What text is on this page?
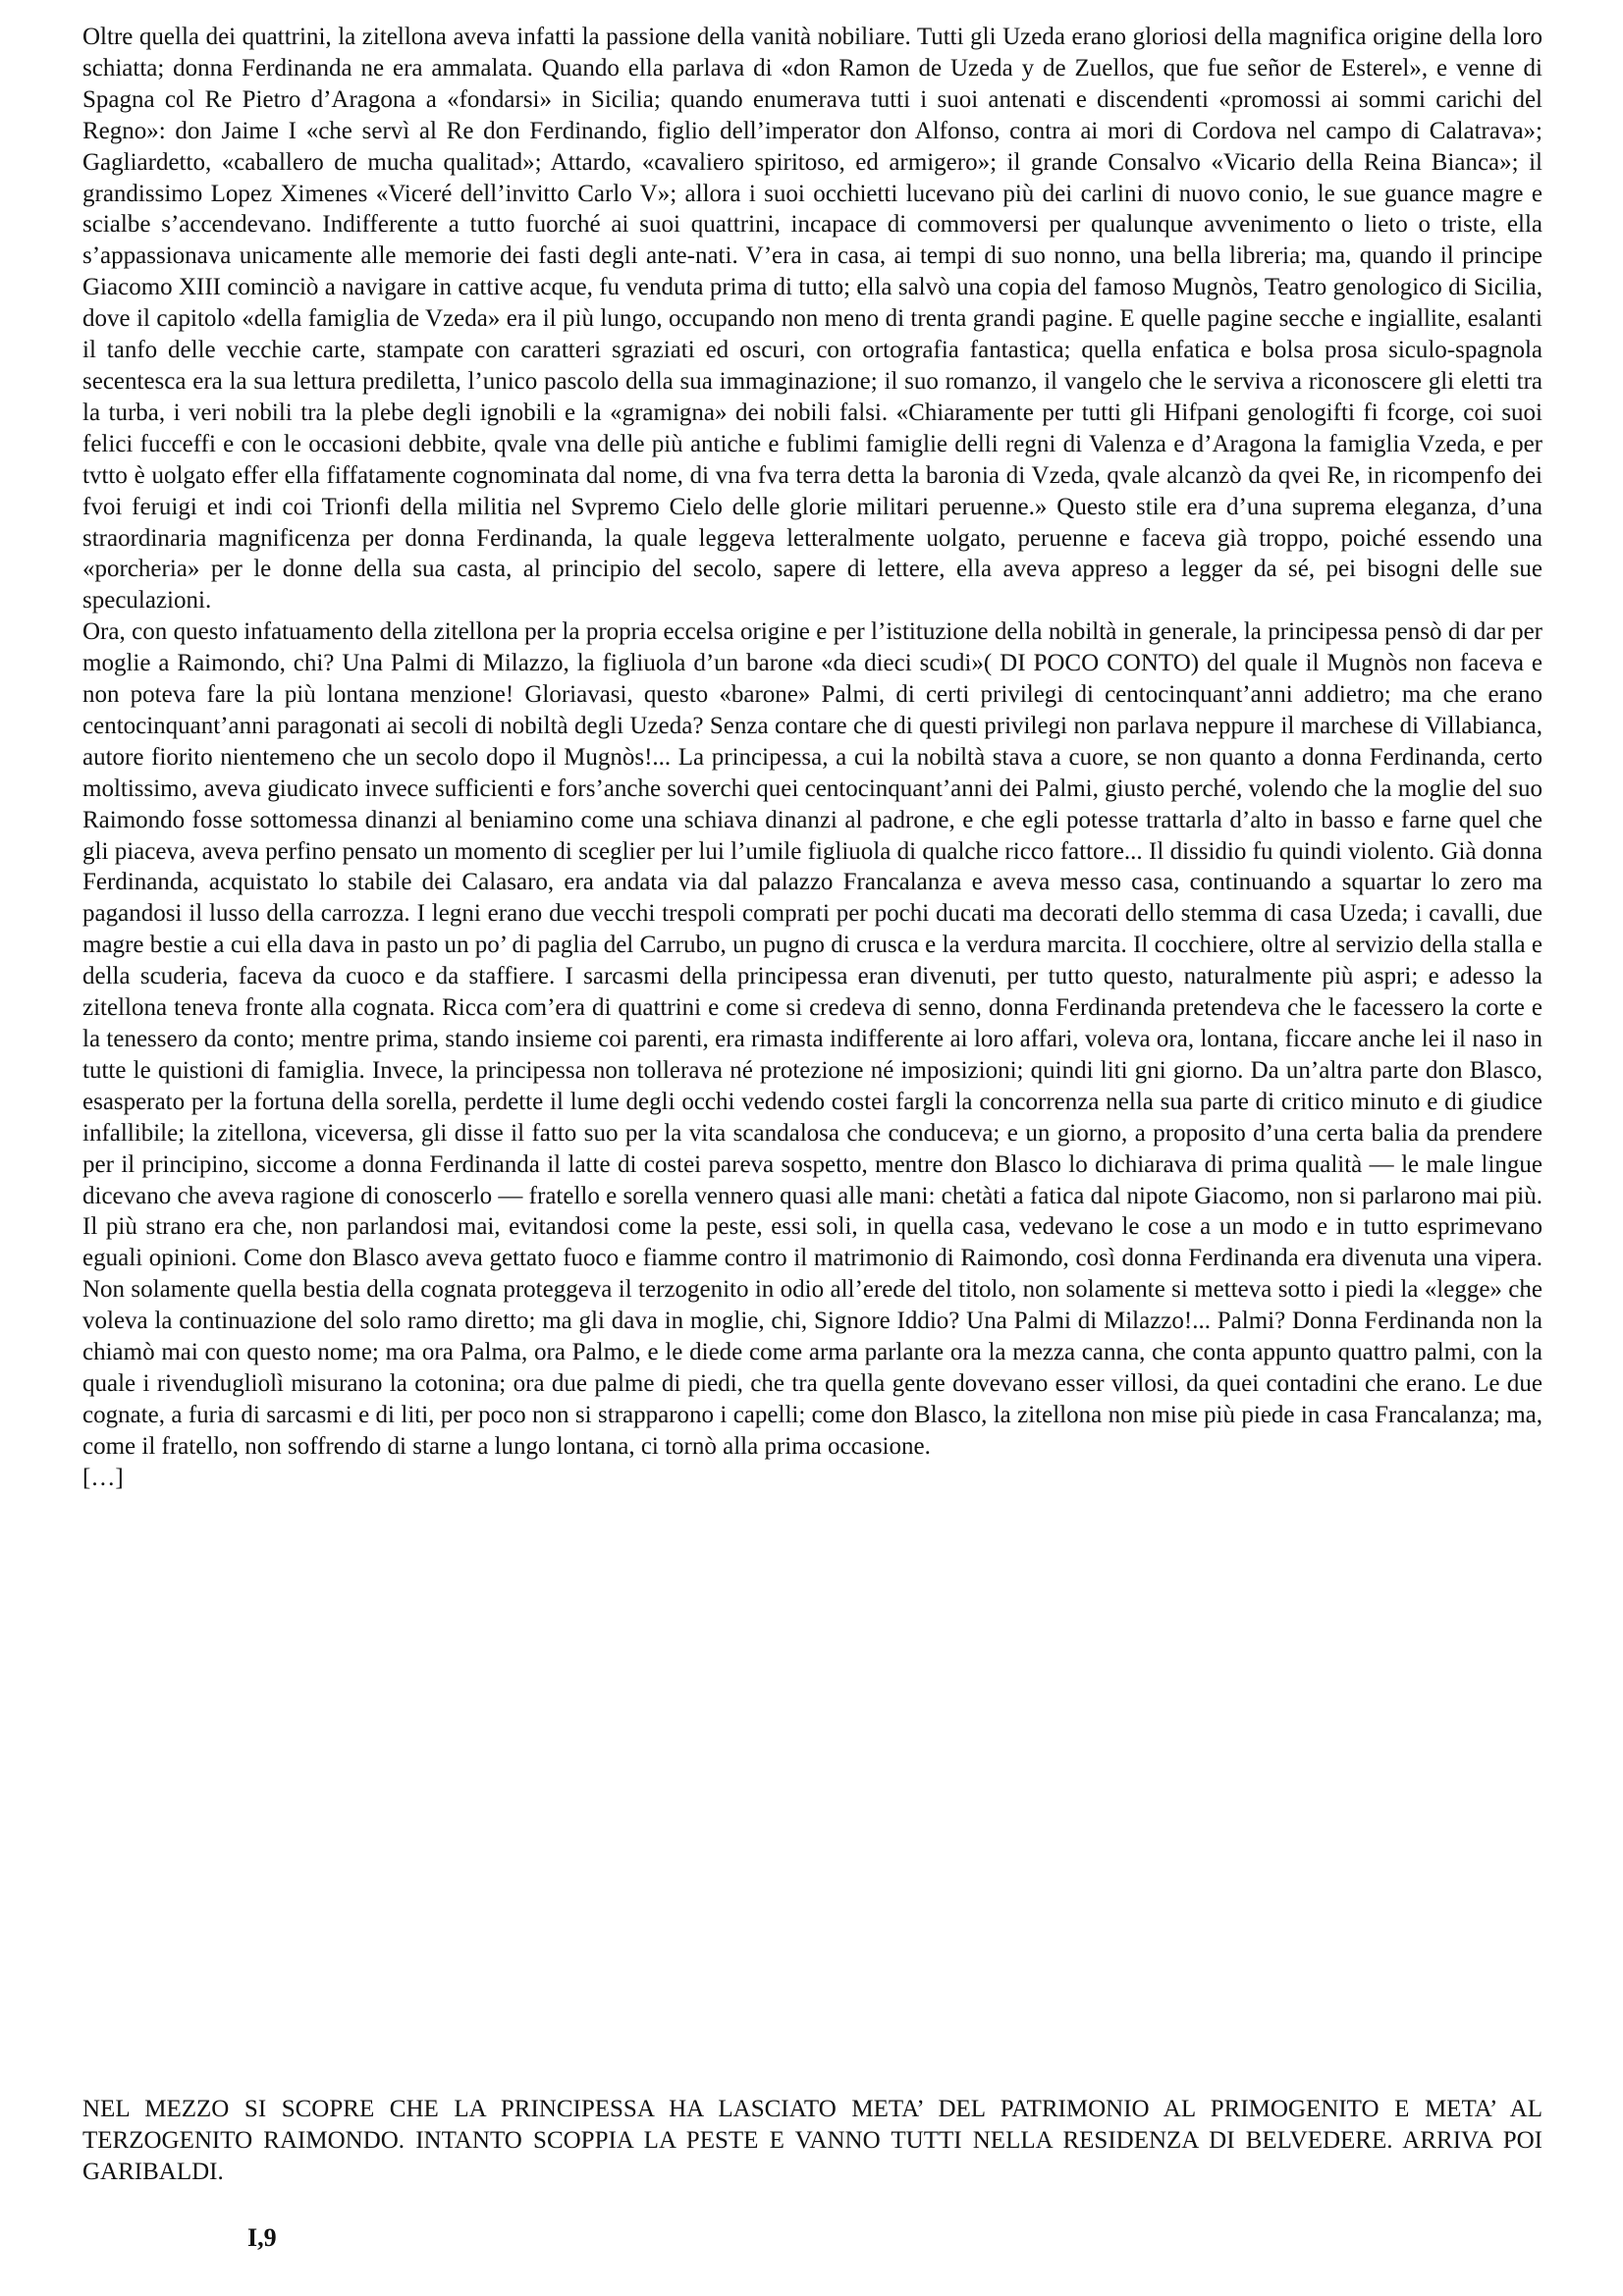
Oltre quella dei quattrini, la zitellona aveva infatti la passione della vanità nobiliare. Tutti gli Uzeda erano gloriosi della magnifica origine della loro schiatta; donna Ferdinanda ne era ammalata. Quando ella parlava di «don Ramon de Uzeda y de Zuellos, que fue señor de Esterel», e venne di Spagna col Re Pietro d’Aragona a «fondarsi» in Sicilia; quando enumerava tutti i suoi antenati e discendenti «promossi ai sommi carichi del Regno»: don Jaime I «che servì al Re don Ferdinando, figlio dell’imperator don Alfonso, contra ai mori di Cordova nel campo di Calatrava»; Gagliardetto, «caballero de mucha qualitad»; Attardo, «cavaliero spiritoso, ed armigero»; il grande Consalvo «Vicario della Reina Bianca»; il grandissimo Lopez Ximenes «Viceré dell’invitto Carlo V»; allora i suoi occhietti lucevano più dei carlini di nuovo conio, le sue guance magre e scialbe s’accendevano. Indifferente a tutto fuorché ai suoi quattrini, incapace di commoversi per qualunque avvenimento o lieto o triste, ella s’appassionava unicamente alle memorie dei fasti degli ante-nati. V’era in casa, ai tempi di suo nonno, una bella libreria; ma, quando il principe Giacomo XIII cominciò a navigare in cattive acque, fu venduta prima di tutto; ella salvò una copia del famoso Mugnòs, Teatro genologico di Sicilia, dove il capitolo «della famiglia de Vzeda» era il più lungo, occupando non meno di trenta grandi pagine. E quelle pagine secche e ingiallite, esalanti il tanfo delle vecchie carte, stampate con caratteri sgraziati ed oscuri, con ortografia fantastica; quella enfatica e bolsa prosa siculo-spagnola secentesca era la sua lettura prediletta, l’unico pascolo della sua immaginazione; il suo romanzo, il vangelo che le serviva a riconoscere gli eletti tra la turba, i veri nobili tra la plebe degli ignobili e la «gramigna» dei nobili falsi. «Chiaramente per tutti gli Hifpani genologifti fi fcorge, coi suoi felici fucceffi e con le occasioni debbite, qvale vna delle più antiche e fublimi famiglie delli regni di Valenza e d’Aragona la famiglia Vzeda, e per tvtto è uolgato effer ella fiffatamente cognominata dal nome, di vna fva terra detta la baronia di Vzeda, qvale alcanzò da qvei Re, in ricompenfo dei fvoi feruigi et indi coi Trionfi della militia nel Svpremo Cielo delle glorie militari peruenne.» Questo stile era d’una suprema eleganza, d’una straordinaria magnificenza per donna Ferdinanda, la quale leggeva letteralmente uolgato, peruenne e faceva già troppo, poiché essendo una «porcheria» per le donne della sua casta, al principio del secolo, sapere di lettere, ella aveva appreso a legger da sé, pei bisogni delle sue speculazioni.

Ora, con questo infatuamento della zitellona per la propria eccelsa origine e per l’istituzione della nobiltà in generale, la principessa pensò di dar per moglie a Raimondo, chi? Una Palmi di Milazzo, la figliuola d’un barone «da dieci scudi»( DI POCO CONTO) del quale il Mugnòs non faceva e non poteva fare la più lontana menzione! Gloriavasi, questo «barone» Palmi, di certi privilegi di centocinquant’anni addietro; ma che erano centocinquant’anni paragonati ai secoli di nobiltà degli Uzeda? Senza contare che di questi privilegi non parlava neppure il marchese di Villabianca, autore fiorito nientemeno che un secolo dopo il Mugnòs!... La principessa, a cui la nobiltà stava a cuore, se non quanto a donna Ferdinanda, certo moltissimo, aveva giudicato invece sufficienti e fors’anche soverchi quei centocinquant’anni dei Palmi, giusto perché, volendo che la moglie del suo Raimondo fosse sottomessa dinanzi al beniamino come una schiava dinanzi al padrone, e che egli potesse trattarla d’alto in basso e farne quel che gli piaceva, aveva perfino pensato un momento di sceglier per lui l’umile figliuola di qualche ricco fattore... Il dissidio fu quindi violento. Già donna Ferdinanda, acquistato lo stabile dei Calasaro, era andata via dal palazzo Francalanza e aveva messo casa, continuando a squartar lo zero ma pagandosi il lusso della carrozza. I legni erano due vecchi trespoli comprati per pochi ducati ma decorati dello stemma di casa Uzeda; i cavalli, due magre bestie a cui ella dava in pasto un po’ di paglia del Carrubo, un pugno di crusca e la verdura marcita. Il cocchiere, oltre al servizio della stalla e della scuderia, faceva da cuoco e da staffiere. I sarcasmi della principessa eran divenuti, per tutto questo, naturalmente più aspri; e adesso la zitellona teneva fronte alla cognata. Ricca com’era di quattrini e come si credeva di senno, donna Ferdinanda pretendeva che le facessero la corte e la tenessero da conto; mentre prima, stando insieme coi parenti, era rimasta indifferente ai loro affari, voleva ora, lontana, ficcare anche lei il naso in tutte le quistioni di famiglia. Invece, la principessa non tollerava né protezione né imposizioni; quindi liti gni giorno. Da un’altra parte don Blasco, esasperato per la fortuna della sorella, perdette il lume degli occhi vedendo costei fargli la concorrenza nella sua parte di critico minuto e di giudice infallibile; la zitellona, viceversa, gli disse il fatto suo per la vita scandalosa che conduceva; e un giorno, a proposito d’una certa balia da prendere per il principino, siccome a donna Ferdinanda il latte di costei pareva sospetto, mentre don Blasco lo dichiarava di prima qualità — le male lingue dicevano che aveva ragione di conoscerlo — fratello e sorella vennero quasi alle mani: chetàti a fatica dal nipote Giacomo, non si parlarono mai più. Il più strano era che, non parlandosi mai, evitandosi come la peste, essi soli, in quella casa, vedevano le cose a un modo e in tutto esprimevano eguali opinioni. Come don Blasco aveva gettato fuoco e fiamme contro il matrimonio di Raimondo, così donna Ferdinanda era divenuta una vipera. Non solamente quella bestia della cognata proteggeva il terzogenito in odio all’erede del titolo, non solamente si metteva sotto i piedi la «legge» che voleva la continuazione del solo ramo diretto; ma gli dava in moglie, chi, Signore Iddio? Una Palmi di Milazzo!... Palmi? Donna Ferdinanda non la chiamò mai con questo nome; ma ora Palma, ora Palmo, e le diede come arma parlante ora la mezza canna, che conta appunto quattro palmi, con la quale i rivendugliolì misurano la cotonina; ora due palme di piedi, che tra quella gente dovevano esser villosi, da quei contadini che erano. Le due cognate, a furia di sarcasmi e di liti, per poco non si strapparono i capelli; come don Blasco, la zitellona non mise più piede in casa Francalanza; ma, come il fratello, non soffrendo di starne a lungo lontana, ci tornò alla prima occasione.

[…]

NEL MEZZO SI SCOPRE CHE LA PRINCIPESSA HA LASCIATO META’ DEL PATRIMONIO AL PRIMOGENITO E META’ AL TERZOGENITO RAIMONDO. INTANTO SCOPPIA LA PESTE E VANNO TUTTI NELLA RESIDENZA DI BELVEDERE. ARRIVA POI GARIBALDI.

I,9
